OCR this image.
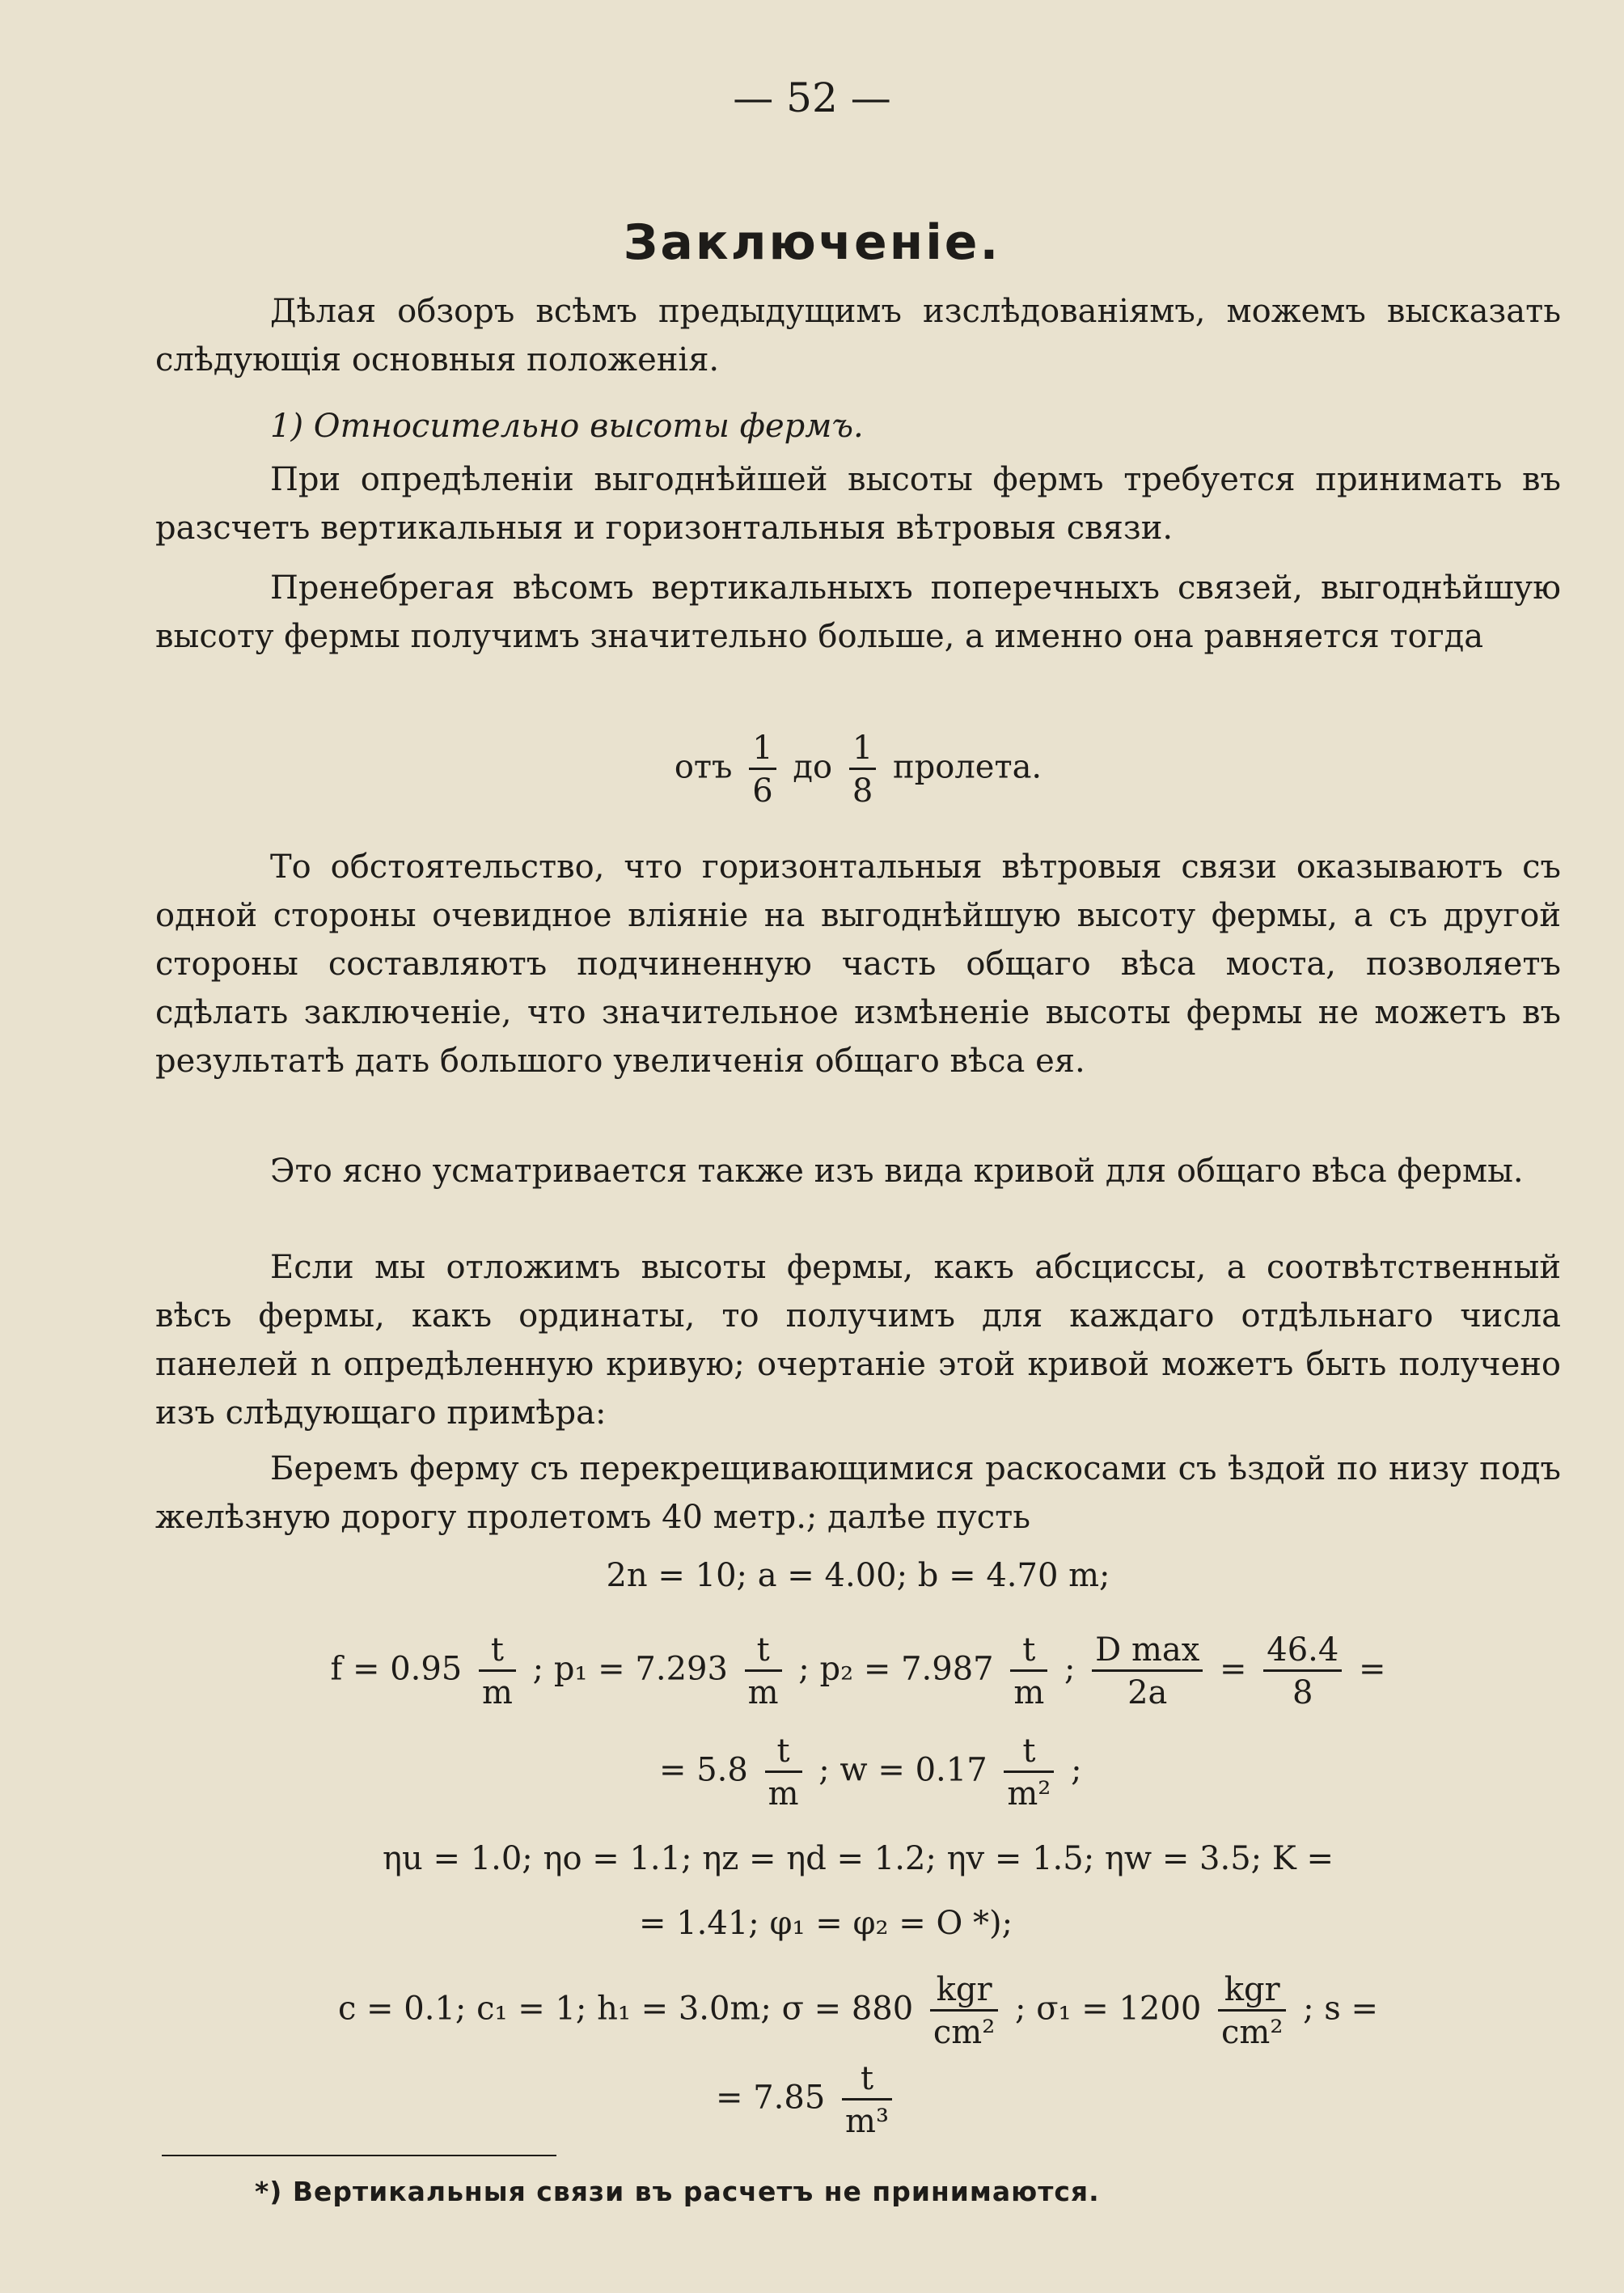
— 52 —
Заключеніе.
Дѣлая обзоръ всѣмъ предыдущимъ изслѣдованіямъ, можемъ высказать слѣдующія основныя положенія.
1) Относительно высоты фермъ.
При опредѣленіи выгоднѣйшей высоты фермъ требуется принимать въ разсчетъ вертикальныя и горизонтальныя вѣтровыя связи.
Пренебрегая вѣсомъ вертикальныхъ поперечныхъ связей, выгоднѣйшую высоту фермы получимъ значительно больше, а именно она равняется тогда
отъ $\frac{1}{6}$ до $\frac{1}{8}$ пролета.
То обстоятельство, что горизонтальныя вѣтровыя связи оказываютъ съ одной стороны очевидное вліяніе на выгоднѣйшую высоту фермы, а съ другой стороны составляютъ подчиненную часть общаго вѣса моста, позволяетъ сдѣлать заключеніе, что значительное измѣненіе высоты фермы не можетъ въ результатѣ дать большого увеличенія общаго вѣса ея.
Это ясно усматривается также изъ вида кривой для общаго вѣса фермы.
Если мы отложимъ высоты фермы, какъ абсциссы, а соотвѣтственный вѣсъ фермы, какъ ординаты, то получимъ для каждаго отдѣльнаго числа панелей n опредѣленную кривую; очертаніе этой кривой можетъ быть получено изъ слѣдующаго примѣра:
Беремъ ферму съ перекрещивающимися раскосами съ ѣздой по низу подъ желѣзную дорогу пролетомъ 40 метр.; далѣе пусть
2n = 10; a = 4.00; b = 4.70 m;
$f = 0.95 \frac{t}{m}$ ; $p_1 = 7.293 \frac{t}{m}$ ; $p_2 = 7.987 \frac{t}{m}$ ; $\frac{\text{D max}}{2a} = \frac{46.4}{8}$ =
= $5.8 \frac{t}{m}$ ; $w = 0.17 \frac{t}{\text{m²}}$ ;
ηu = 1.0; ηo = 1.1; ηz = ηd = 1.2; ηv = 1.5; ηw = 3.5; K =
= 1.41; φ₁ = φ₂ = O *);
c = 0.1; c₁ = 1; h₁ = 3.0m; $\sigma = 880 \frac{\text{kgr}}{\text{cm²}}$ ; $\sigma_1 = 1200 \frac{\text{kgr}}{\text{cm²}}$ ; s =
= $7.85 \frac{t}{\text{m³}}$
*) Вертикальныя связи въ расчетъ не принимаются.
